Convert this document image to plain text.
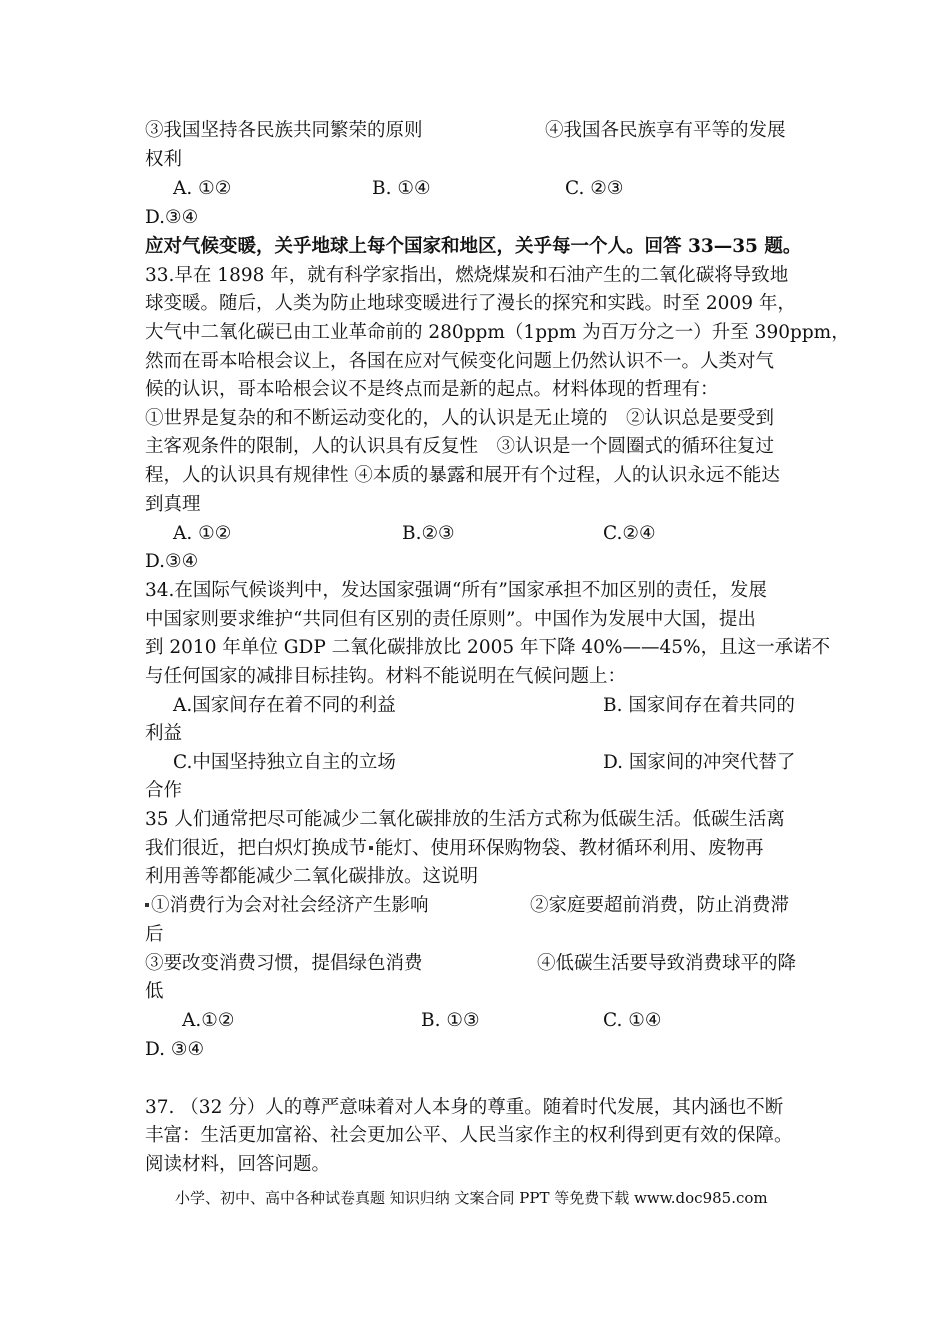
③我国坚持各民族共同繁荣的原则	④我国各民族享有平等的发展
权利
A. ①②	B. ①④	C. ②③
D.③④
应对气候变暖，关乎地球上每个国家和地区，关乎每一个人。回答 33—35 题。
33.早在 1898 年，就有科学家指出，燃烧煤炭和石油产生的二氧化碳将导致地
球变暖。随后，人类为防止地球变暖进行了漫长的探究和实践。时至 2009 年，
大气中二氧化碳已由工业革命前的 280ppm（1ppm 为百万分之一）升至 390ppm，
然而在哥本哈根会议上，各国在应对气候变化问题上仍然认识不一。人类对气
候的认识，哥本哈根会议不是终点而是新的起点。材料体现的哲理有：
①世界是复杂的和不断运动变化的，人的认识是无止境的　②认识总是要受到
主客观条件的限制，人的认识具有反复性　③认识是一个圆圈式的循环往复过
程，人的认识具有规律性 ④本质的暴露和展开有个过程，人的认识永远不能达
到真理
A. ①②	B.②③	C.②④
D.③④
34.在国际气候谈判中，发达国家强调“所有”国家承担不加区别的责任，发展
中国家则要求维护“共同但有区别的责任原则”。中国作为发展中大国，提出
到 2010 年单位 GDP 二氧化碳排放比 2005 年下降 40%——45%，且这一承诺不
与任何国家的减排目标挂钩。材料不能说明在气候问题上：
A.国家间存在着不同的利益	B. 国家间存在着共同的
利益
C.中国坚持独立自主的立场	D. 国家间的冲突代替了
合作
35 人们通常把尽可能减少二氧化碳排放的生活方式称为低碳生活。低碳生活离
我们很近，把白炽灯换成节 能灯、使用环保购物袋、教材循环利用、废物再
利用善等都能减少二氧化碳排放。这说明
①消费行为会对社会经济产生影响	②家庭要超前消费，防止消费滞
后
③要改变消费习惯，提倡绿色消费	④低碳生活要导致消费球平的降
低
A.①②	B. ①③	C. ①④
D. ③④
37. （32 分）人的尊严意味着对人本身的尊重。随着时代发展，其内涵也不断
丰富：生活更加富裕、社会更加公平、人民当家作主的权利得到更有效的保障。
阅读材料，回答问题。
小学、初中、高中各种试卷真题 知识归纳 文案合同 PPT 等免费下载 www.doc985.com
